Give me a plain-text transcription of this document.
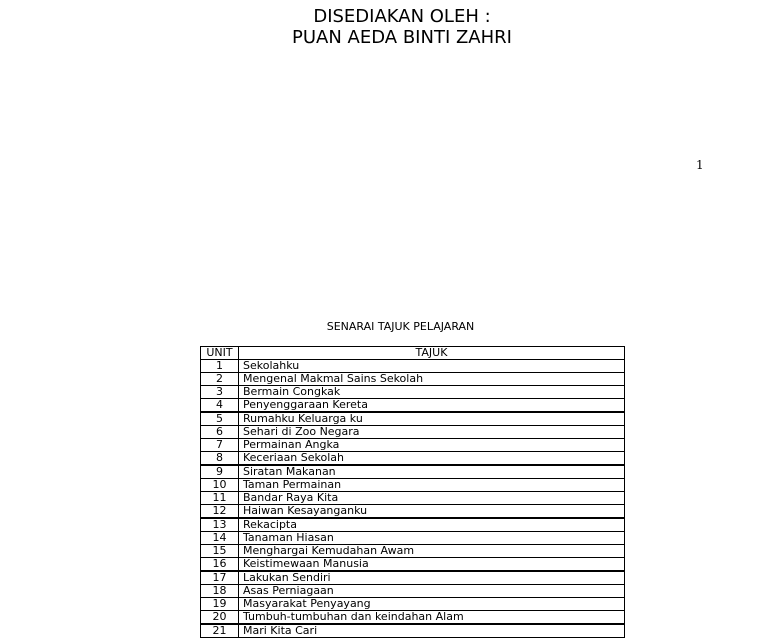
DISEDIAKAN OLEH :
PUAN AEDA BINTI ZAHRI
1
SENARAI TAJUK PELAJARAN
UNIT	TAJUK
1	Sekolahku
2	Mengenal Makmal Sains Sekolah
3	Bermain Congkak
4	Penyenggaraan Kereta
5	Rumahku Keluarga ku
6	Sehari di Zoo Negara
7	Permainan Angka
8	Keceriaan Sekolah
9	Siratan Makanan
10	Taman Permainan
11	Bandar Raya Kita
12	Haiwan Kesayanganku
13	Rekacipta
14	Tanaman Hiasan
15	Menghargai Kemudahan Awam
16	Keistimewaan Manusia
17	Lakukan Sendiri
18	Asas Perniagaan
19	Masyarakat Penyayang
20	Tumbuh-tumbuhan dan keindahan Alam
21	Mari Kita Cari
